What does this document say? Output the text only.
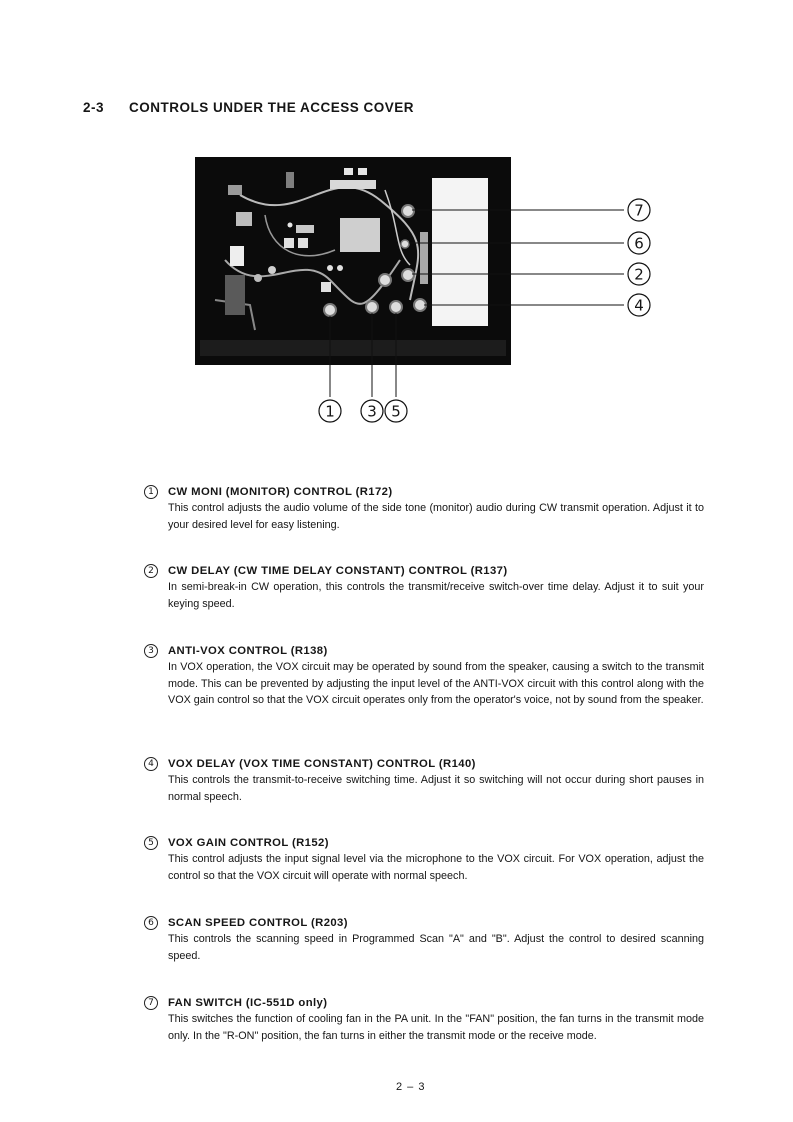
2-3 CONTROLS UNDER THE ACCESS COVER
7
6
2
4
1 3 5
1	CW MONI (MONITOR) CONTROL (R172)
This control adjusts the audio volume of the side tone (monitor) audio during CW transmit operation. Adjust it to your desired level for easy listening.
2	CW DELAY (CW TIME DELAY CONSTANT) CONTROL (R137)
In semi-break-in CW operation, this controls the transmit/receive switch-over time delay. Adjust it to suit your keying speed.
3	ANTI-VOX CONTROL (R138)
In VOX operation, the VOX circuit may be operated by sound from the speaker, causing a switch to the transmit mode. This can be prevented by adjusting the input level of the ANTI-VOX circuit with this control along with the VOX gain control so that the VOX circuit operates only from the operator's voice, not by sound from the speaker.
4	VOX DELAY (VOX TIME CONSTANT) CONTROL (R140)
This controls the transmit-to-receive switching time. Adjust it so switching will not occur during short pauses in normal speech.
5	VOX GAIN CONTROL (R152)
This control adjusts the input signal level via the microphone to the VOX circuit. For VOX operation, adjust the control so that the VOX circuit will operate with normal speech.
6	SCAN SPEED CONTROL (R203)
This controls the scanning speed in Programmed Scan "A" and "B". Adjust the control to desired scanning speed.
7	FAN SWITCH (IC-551D only)
This switches the function of cooling fan in the PA unit. In the "FAN" position, the fan turns in the transmit mode only. In the "R-ON" position, the fan turns in either the transmit mode or the receive mode.
2 – 3
